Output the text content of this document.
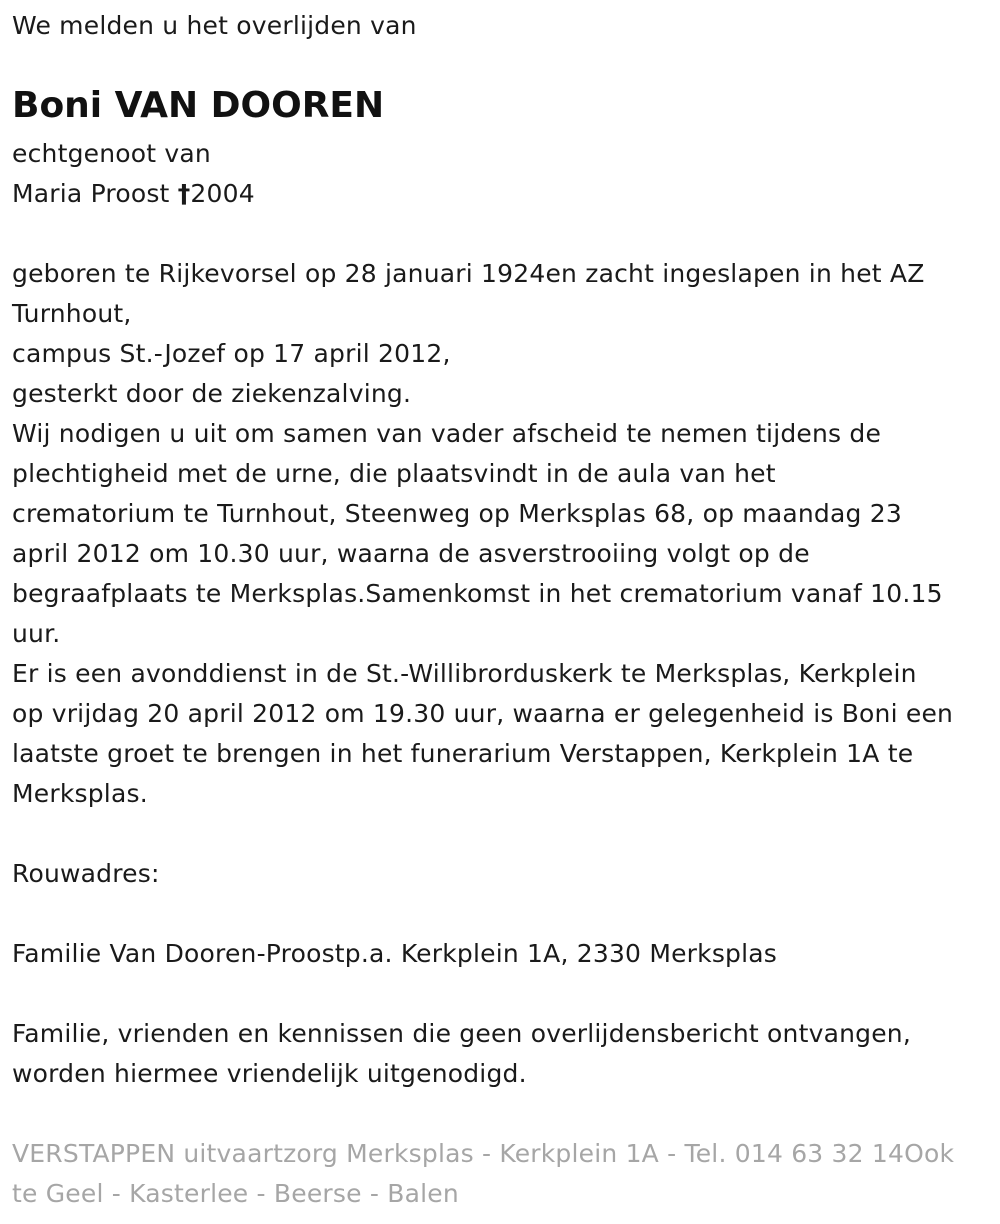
We melden u het overlijden van
Boni VAN DOOREN
echtgenoot van
Maria Proost †2004
geboren te Rijkevorsel op 28 januari 1924en zacht ingeslapen in het AZ
Turnhout,
campus St.-Jozef op 17 april 2012,
gesterkt door de ziekenzalving.
Wij nodigen u uit om samen van vader afscheid te nemen tijdens de
plechtigheid met de urne, die plaatsvindt in de aula van het
crematorium te Turnhout, Steenweg op Merksplas 68, op maandag 23
april 2012 om 10.30 uur, waarna de asverstrooiing volgt op de
begraafplaats te Merksplas.Samenkomst in het crematorium vanaf 10.15
uur.
Er is een avonddienst in de St.-Willibrorduskerk te Merksplas, Kerkplein
op vrijdag 20 april 2012 om 19.30 uur, waarna er gelegenheid is Boni een
laatste groet te brengen in het funerarium Verstappen, Kerkplein 1A te
Merksplas.
Rouwadres:
Familie Van Dooren-Proostp.a. Kerkplein 1A, 2330 Merksplas
Familie, vrienden en kennissen die geen overlijdensbericht ontvangen,
worden hiermee vriendelijk uitgenodigd.
VERSTAPPEN uitvaartzorg Merksplas - Kerkplein 1A - Tel. 014 63 32 14Ook
te Geel - Kasterlee - Beerse - Balen
